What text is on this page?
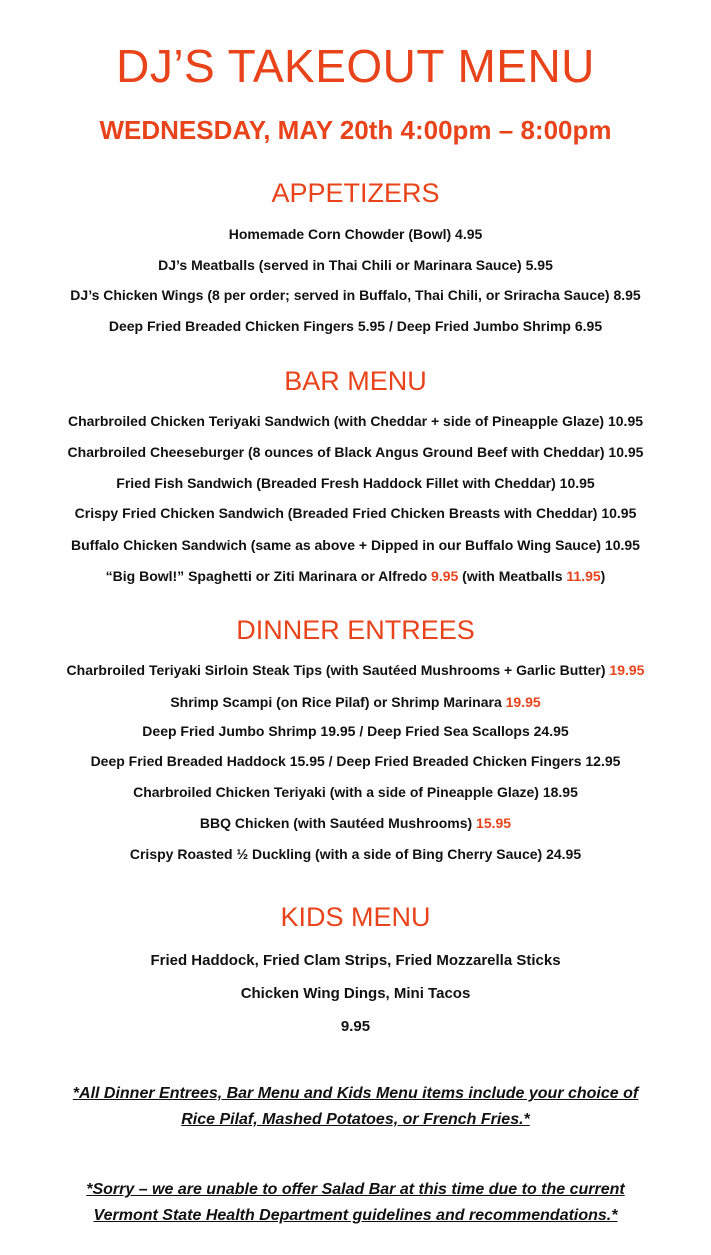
DJ’S TAKEOUT MENU
WEDNESDAY, MAY 20th 4:00pm – 8:00pm
APPETIZERS
Homemade Corn Chowder (Bowl) 4.95
DJ’s Meatballs (served in Thai Chili or Marinara Sauce) 5.95
DJ’s Chicken Wings (8 per order; served in Buffalo, Thai Chili, or Sriracha Sauce) 8.95
Deep Fried Breaded Chicken Fingers 5.95 / Deep Fried Jumbo Shrimp 6.95
BAR MENU
Charbroiled Chicken Teriyaki Sandwich (with Cheddar + side of Pineapple Glaze) 10.95
Charbroiled Cheeseburger (8 ounces of Black Angus Ground Beef with Cheddar) 10.95
Fried Fish Sandwich (Breaded Fresh Haddock Fillet with Cheddar) 10.95
Crispy Fried Chicken Sandwich (Breaded Fried Chicken Breasts with Cheddar) 10.95
Buffalo Chicken Sandwich (same as above + Dipped in our Buffalo Wing Sauce) 10.95
“Big Bowl!” Spaghetti or Ziti Marinara or Alfredo 9.95 (with Meatballs 11.95)
DINNER ENTREES
Charbroiled Teriyaki Sirloin Steak Tips (with Sautéed Mushrooms + Garlic Butter) 19.95
Shrimp Scampi (on Rice Pilaf) or Shrimp Marinara 19.95
Deep Fried Jumbo Shrimp 19.95 / Deep Fried Sea Scallops 24.95
Deep Fried Breaded Haddock 15.95 / Deep Fried Breaded Chicken Fingers 12.95
Charbroiled Chicken Teriyaki (with a side of Pineapple Glaze) 18.95
BBQ Chicken (with Sautéed Mushrooms) 15.95
Crispy Roasted ½ Duckling (with a side of Bing Cherry Sauce) 24.95
KIDS MENU
Fried Haddock, Fried Clam Strips, Fried Mozzarella Sticks
Chicken Wing Dings, Mini Tacos
9.95
*All Dinner Entrees, Bar Menu and Kids Menu items include your choice of
Rice Pilaf, Mashed Potatoes, or French Fries.*
*Sorry – we are unable to offer Salad Bar at this time due to the current
Vermont State Health Department guidelines and recommendations.*
